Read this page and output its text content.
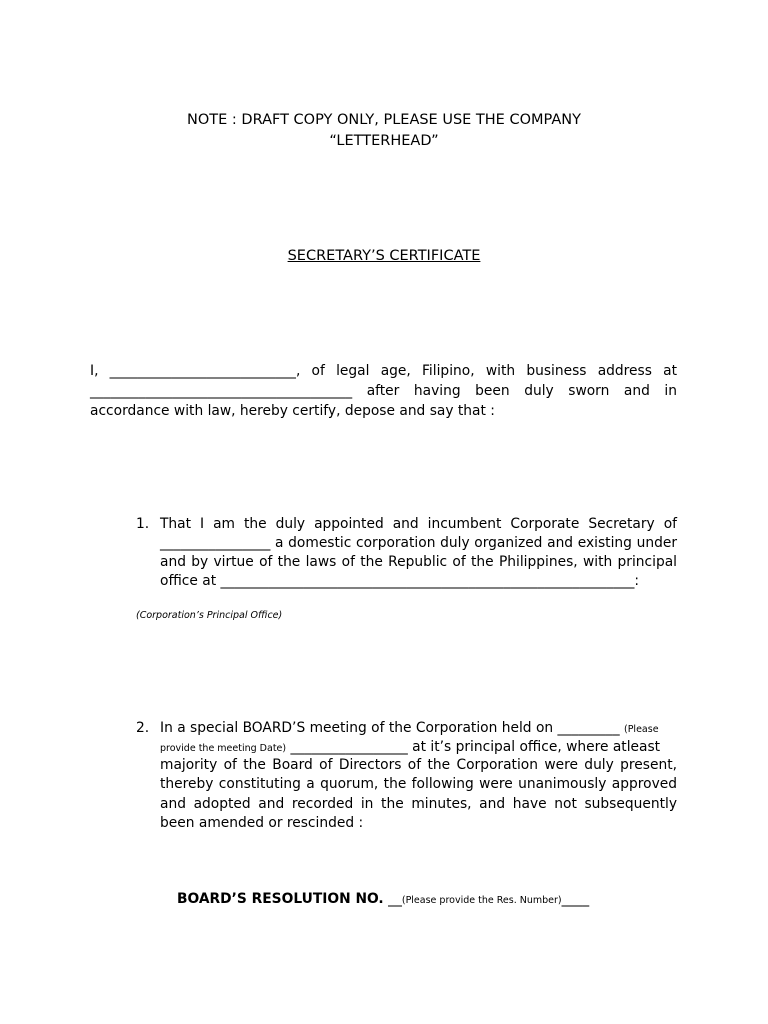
NOTE : DRAFT COPY ONLY, PLEASE USE THE COMPANY
“LETTERHEAD”
SECRETARY’S CERTIFICATE
I, ___________________________, of legal age, Filipino, with business address at
______________________________________ after having been duly sworn and in
accordance with law, hereby certify, depose and say that :
1. That I am the duly appointed and incumbent Corporate Secretary of
________________ a domestic corporation duly organized and existing under
and by virtue of the laws of the Republic of the Philippines, with principal
office at ____________________________________________________________:
(Corporation’s Principal Office)
2. In a special BOARD’S meeting of the Corporation held on _________ (Please
provide the meeting Date) _________________ at it’s principal office, where atleast
majority of the Board of Directors of the Corporation were duly present,
thereby constituting a quorum, the following were unanimously approved
and adopted and recorded in the minutes, and have not subsequently
been amended or rescinded :
BOARD’S RESOLUTION NO. __(Please provide the Res. Number)____
